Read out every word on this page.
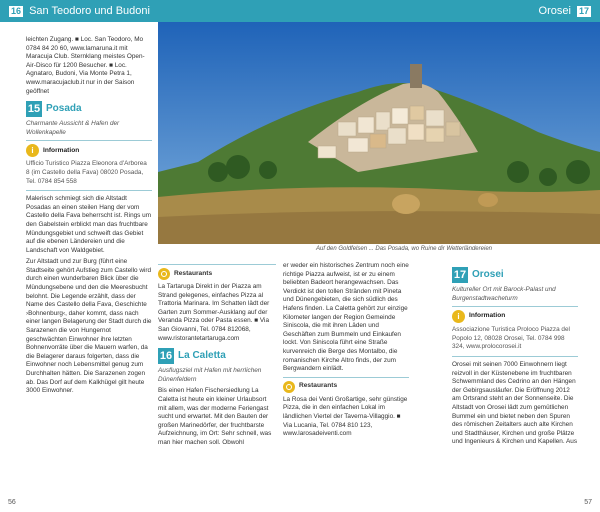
16 San Teodoro und Budoni	Orosei 17
Auf den Goldfelsen ... Das Posada, wo Ruine dir Wetterländereien

leichten Zugang. ■ Loc. San Teodoro, Mo 0784 84 20 60, www.lamaruna.it mit Maracuja Club. Sternklang meistes Open-Air-Disco für 1200 Besucher. ■ Loc. Agnataro, Budoni, Via Monte Petra 1, www.maracujaclub.it nur in der Saison geöffnet

15 Posada

Charmante Aussicht & Hafen der Wollenkapelle

i	Information
Ufficio Turistico Piazza Eleonora d'Arborea 8 (im Castello della Fava) 08020 Posada, Tel. 0784 854 558

Malerisch schmiegt sich die Altstadt Posadas an einen steilen Hang der vom Castello della Fava beherrscht ist. Rings um den Gabelstein erblickt man das fruchtbare Mündungsgebiet und schweift das Gebiet auf die ebenen Ländereien und die Landschaft von Waldgebiet.

Zur Altstadt und zur Burg (führt eine Stadtseite gehört Aufstieg zum Castello wird durch einen wunderbaren Blick über die Mündungsebene und den die Meeresbucht belohnt. Die Legende erzählt, dass der Name des Castello della Fava, Geschichte ›Bohnenburg‹, daher kommt, dass nach einer langen Belagerung der Stadt durch die Sarazenen die von Hungernot geschwächten Einwohner ihre letzten Bohnenvorräte über die Mauern warfen, da die Belagerer daraus folgerten, dass die Einwohner noch Lebensmittel genug zum Durchhalten hätten. Die Sarazenen zogen ab. Das Dorf auf dem Kalkhügel gilt heute 3000 Einwohner.

Restaurants

La Tartaruga Direkt in der Piazza am Strand gelegenes, einfaches Pizza al Trattoria Marinara. Im Schatten lädt der Garten zum Sommer-Ausklang auf der Veranda Pizza oder Pasta essen. ■ Via San Giovanni, Tel. 0784 812068, www.ristorantetartaruga.com

16 La Caletta

Ausflugsziel mit Hafen mit herrlichen Dünenfeldern

Bis einen Hafen Fischersiedlung La Caletta ist heute ein kleiner Urlaubsort mit allem, was der moderne Feriengast sucht und erwartet. Mit den Bauten der großen Marinedörfer, der fruchtbarste Aufzeichnung, im Ort: Sehr schnell, was man hier machen soll. Obwohl

er weder ein historisches Zentrum noch eine richtige Piazza aufweist, ist er zu einem beliebten Badeort herangewachsen. Das Verdickt ist den tollen Stränden mit Pineta und Dünengebieten, die sich südlich des Hafens finden. La Caletta gehört zur einzige Kilometer langen der Region Gemeinde Siniscola, die mit ihren Läden und Geschäften zum Bummeln und Einkaufen lockt. Von Siniscola führt eine Straße kurvenreich die Berge des Montalbo, die romanischen Kirche Altro finds, der zum Bergwandern einlädt.

Restaurants

La Rosa dei Venti Großartige, sehr günstige Pizza, die in den einfachen Lokal im ländlichen Viertel der Taverna-Villaggio. ■ Via Lucania, Tel. 0784 810 123, www.larosadeiventi.com

17 Orosei

Kultureller Ort mit Barock-Palast und Burgenstadtwacheturm

i	Information
Associazione Turistica Proloco Piazza del Popolo 12, 08028 Orosei, Tel. 0784 998 324, www.prolocorosei.it

Orosei mit seinen 7000 Einwohnern liegt reizvoll in der Küstenebene im fruchtbaren Schwemmland des Cedrino an den Hängen der Gebirgsausläufer. Die Eröffnung 2012 am Ortsrand steht an der Sonnenseite. Die Altstadt von Orosei lädt zum gemütlichen Bummel ein und bietet neben den Spuren des römischen Zeitalters auch alte Kirchen und Stadthäuser, Kirchen und große Plätze und Ingenieurs & Kirchen und Kapellen. Aus

56	57
